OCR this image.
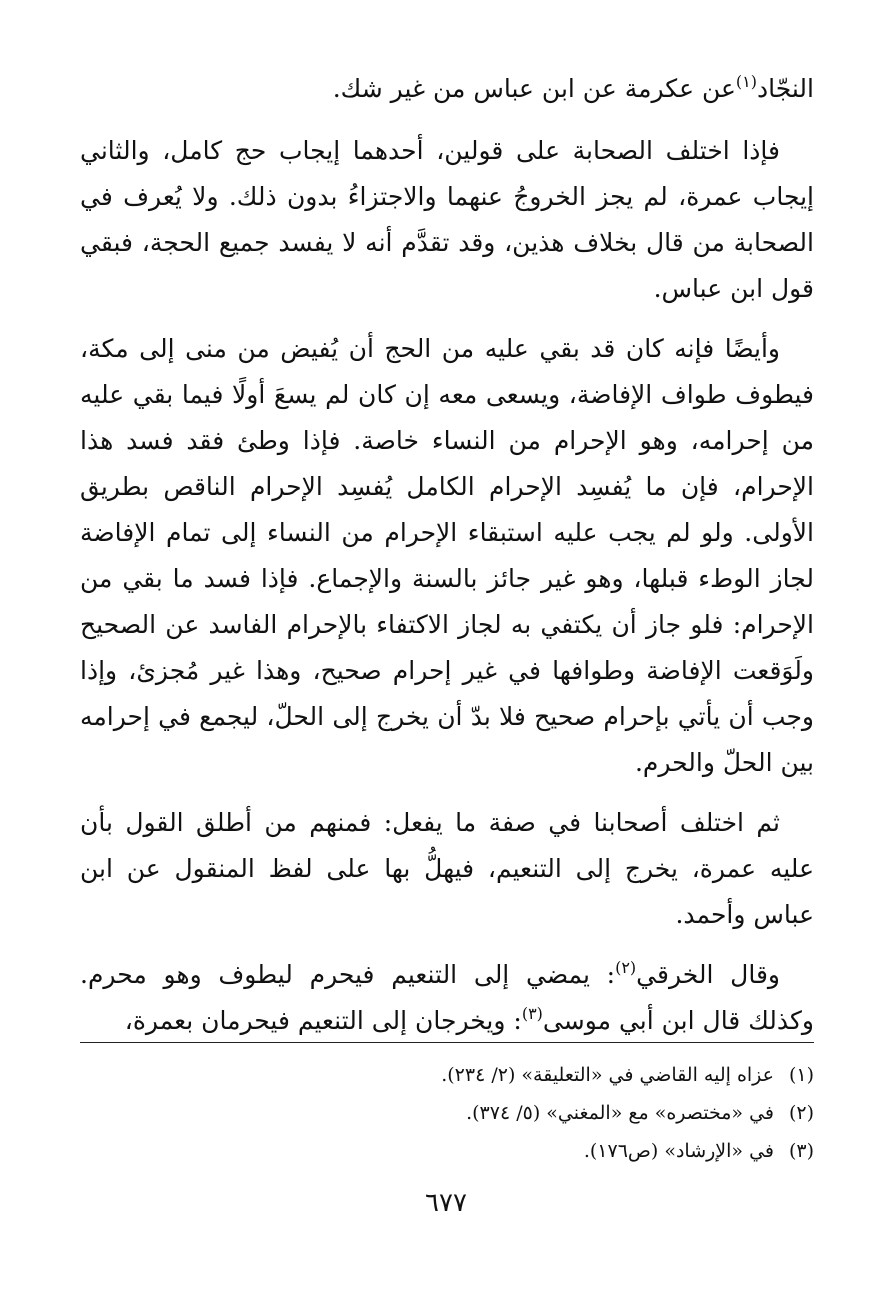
النجّاد$^{(١)}$عن عكرمة عن ابن عباس من غير شك.

فإذا اختلف الصحابة على قولين، أحدهما إيجاب حج كامل، والثاني إيجاب عمرة، لم يجز الخروجُ عنهما والاجتزاءُ بدون ذلك. ولا يُعرف في الصحابة من قال بخلاف هذين، وقد تقدَّم أنه لا يفسد جميع الحجة، فبقي قول ابن عباس.

وأيضًا فإنه كان قد بقي عليه من الحج أن يُفيض من منى إلى مكة، فيطوف طواف الإفاضة، ويسعى معه إن كان لم يسعَ أولًا فيما بقي عليه من إحرامه، وهو الإحرام من النساء خاصة. فإذا وطئ فقد فسد هذا الإحرام، فإن ما يُفسِد الإحرام الكامل يُفسِد الإحرام الناقص بطريق الأولى. ولو لم يجب عليه استبقاء الإحرام من النساء إلى تمام الإفاضة لجاز الوطء قبلها، وهو غير جائز بالسنة والإجماع. فإذا فسد ما بقي من الإحرام: فلو جاز أن يكتفي به لجاز الاكتفاء بالإحرام الفاسد عن الصحيح ولَوَقعت الإفاضة وطوافها في غير إحرام صحيح، وهذا غير مُجزئ، وإذا وجب أن يأتي بإحرام صحيح فلا بدّ أن يخرج إلى الحلّ، ليجمع في إحرامه بين الحلّ والحرم.

ثم اختلف أصحابنا في صفة ما يفعل: فمنهم من أطلق القول بأن عليه عمرة، يخرج إلى التنعيم، فيهلُّ بها على لفظ المنقول عن ابن عباس وأحمد.

وقال الخرقي$^{(٢)}$: يمضي إلى التنعيم فيحرم ليطوف وهو محرم. وكذلك قال ابن أبي موسى$^{(٣)}$: ويخرجان إلى التنعيم فيحرمان بعمرة،

(١)عزاه إليه القاضي في «التعليقة» (٢/ ٢٣٤).

(٢)في «مختصره» مع «المغني» (٥/ ٣٧٤).

(٣)في «الإرشاد» (ص١٧٦).

٦٧٧
